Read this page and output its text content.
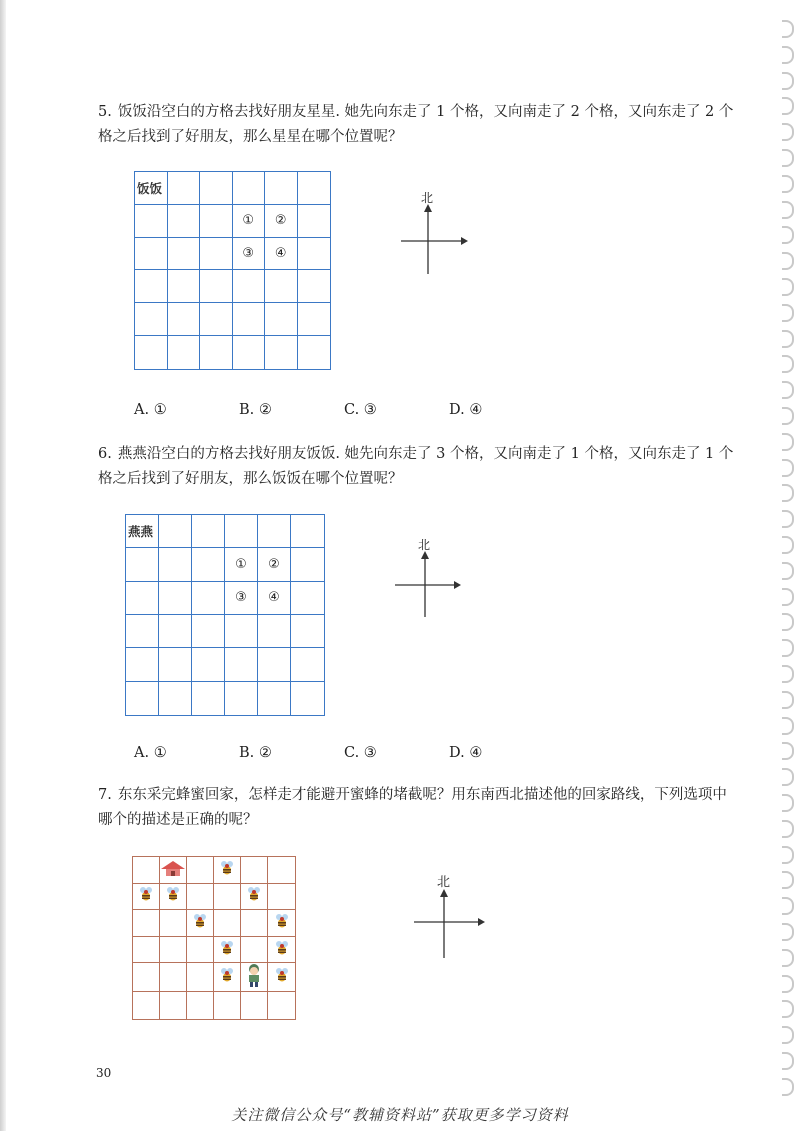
5. 饭饭沿空白的方格去找好朋友星星. 她先向东走了 1 个格，又向南走了 2 个格，又向东走了 2 个格之后找到了好朋友，那么星星在哪个位置呢？
饭饭
① ②
③ ④
北
A. ①	B. ②	C. ③	D. ④
6. 燕燕沿空白的方格去找好朋友饭饭. 她先向东走了 3 个格，又向南走了 1 个格，又向东走了 1 个格之后找到了好朋友，那么饭饭在哪个位置呢？
燕燕
① ②
③ ④
北
A. ①	B. ②	C. ③	D. ④
7. 东东采完蜂蜜回家，怎样走才能避开蜜蜂的堵截呢？用东南西北描述他的回家路线，下列选项中哪个的描述是正确的呢？
北
30
关注微信公众号“教辅资料站”获取更多学习资料
